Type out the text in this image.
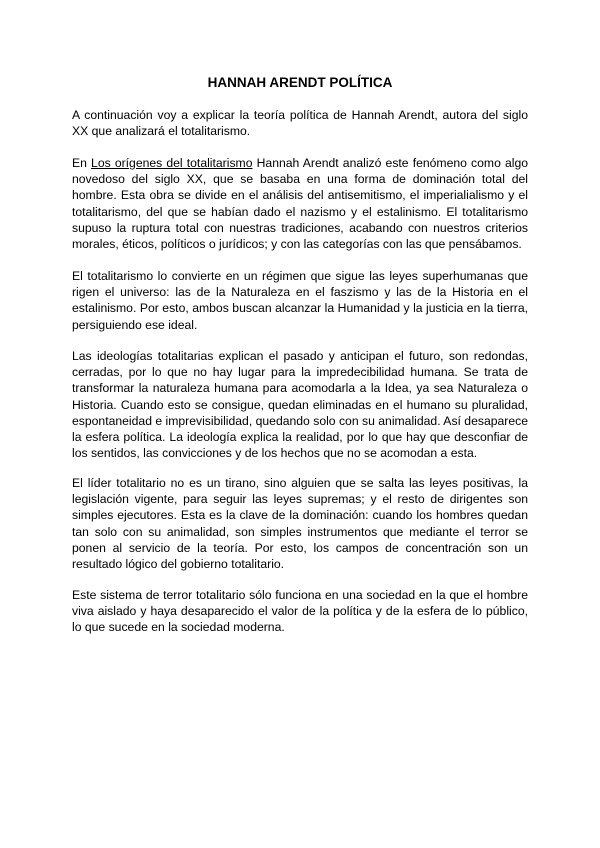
HANNAH ARENDT POLÍTICA

A continuación voy a explicar la teoría política de Hannah Arendt, autora del siglo XX que analizará el totalitarismo.

En Los orígenes del totalitarismo Hannah Arendt analizó este fenómeno como algo novedoso del siglo XX, que se basaba en una forma de dominación total del hombre. Esta obra se divide en el análisis del antisemitismo, el imperialialismo y el totalitarismo, del que se habían dado el nazismo y el estalinismo. El totalitarismo supuso la ruptura total con nuestras tradiciones, acabando con nuestros criterios morales, éticos, políticos o jurídicos; y con las categorías con las que pensábamos.

El totalitarismo lo convierte en un régimen que sigue las leyes superhumanas que rigen el universo: las de la Naturaleza en el faszismo y las de la Historia en el estalinismo. Por esto, ambos buscan alcanzar la Humanidad y la justicia en la tierra, persiguiendo ese ideal.

Las ideologías totalitarias explican el pasado y anticipan el futuro, son redondas, cerradas, por lo que no hay lugar para la impredecibilidad humana. Se trata de transformar la naturaleza humana para acomodarla a la Idea, ya sea Naturaleza o Historia. Cuando esto se consigue, quedan eliminadas en el humano su pluralidad, espontaneidad e imprevisibilidad, quedando solo con su animalidad. Así desaparece la esfera política. La ideología explica la realidad, por lo que hay que desconfiar de los sentidos, las convicciones y de los hechos que no se acomodan a esta.

El líder totalitario no es un tirano, sino alguien que se salta las leyes positivas, la legislación vigente, para seguir las leyes supremas; y el resto de dirigentes son simples ejecutores. Esta es la clave de la dominación: cuando los hombres quedan tan solo con su animalidad, son simples instrumentos que mediante el terror se ponen al servicio de la teoría. Por esto, los campos de concentración son un resultado lógico del gobierno totalitario.

Este sistema de terror totalitario sólo funciona en una sociedad en la que el hombre viva aislado y haya desaparecido el valor de la política y de la esfera de lo público, lo que sucede en la sociedad moderna.
